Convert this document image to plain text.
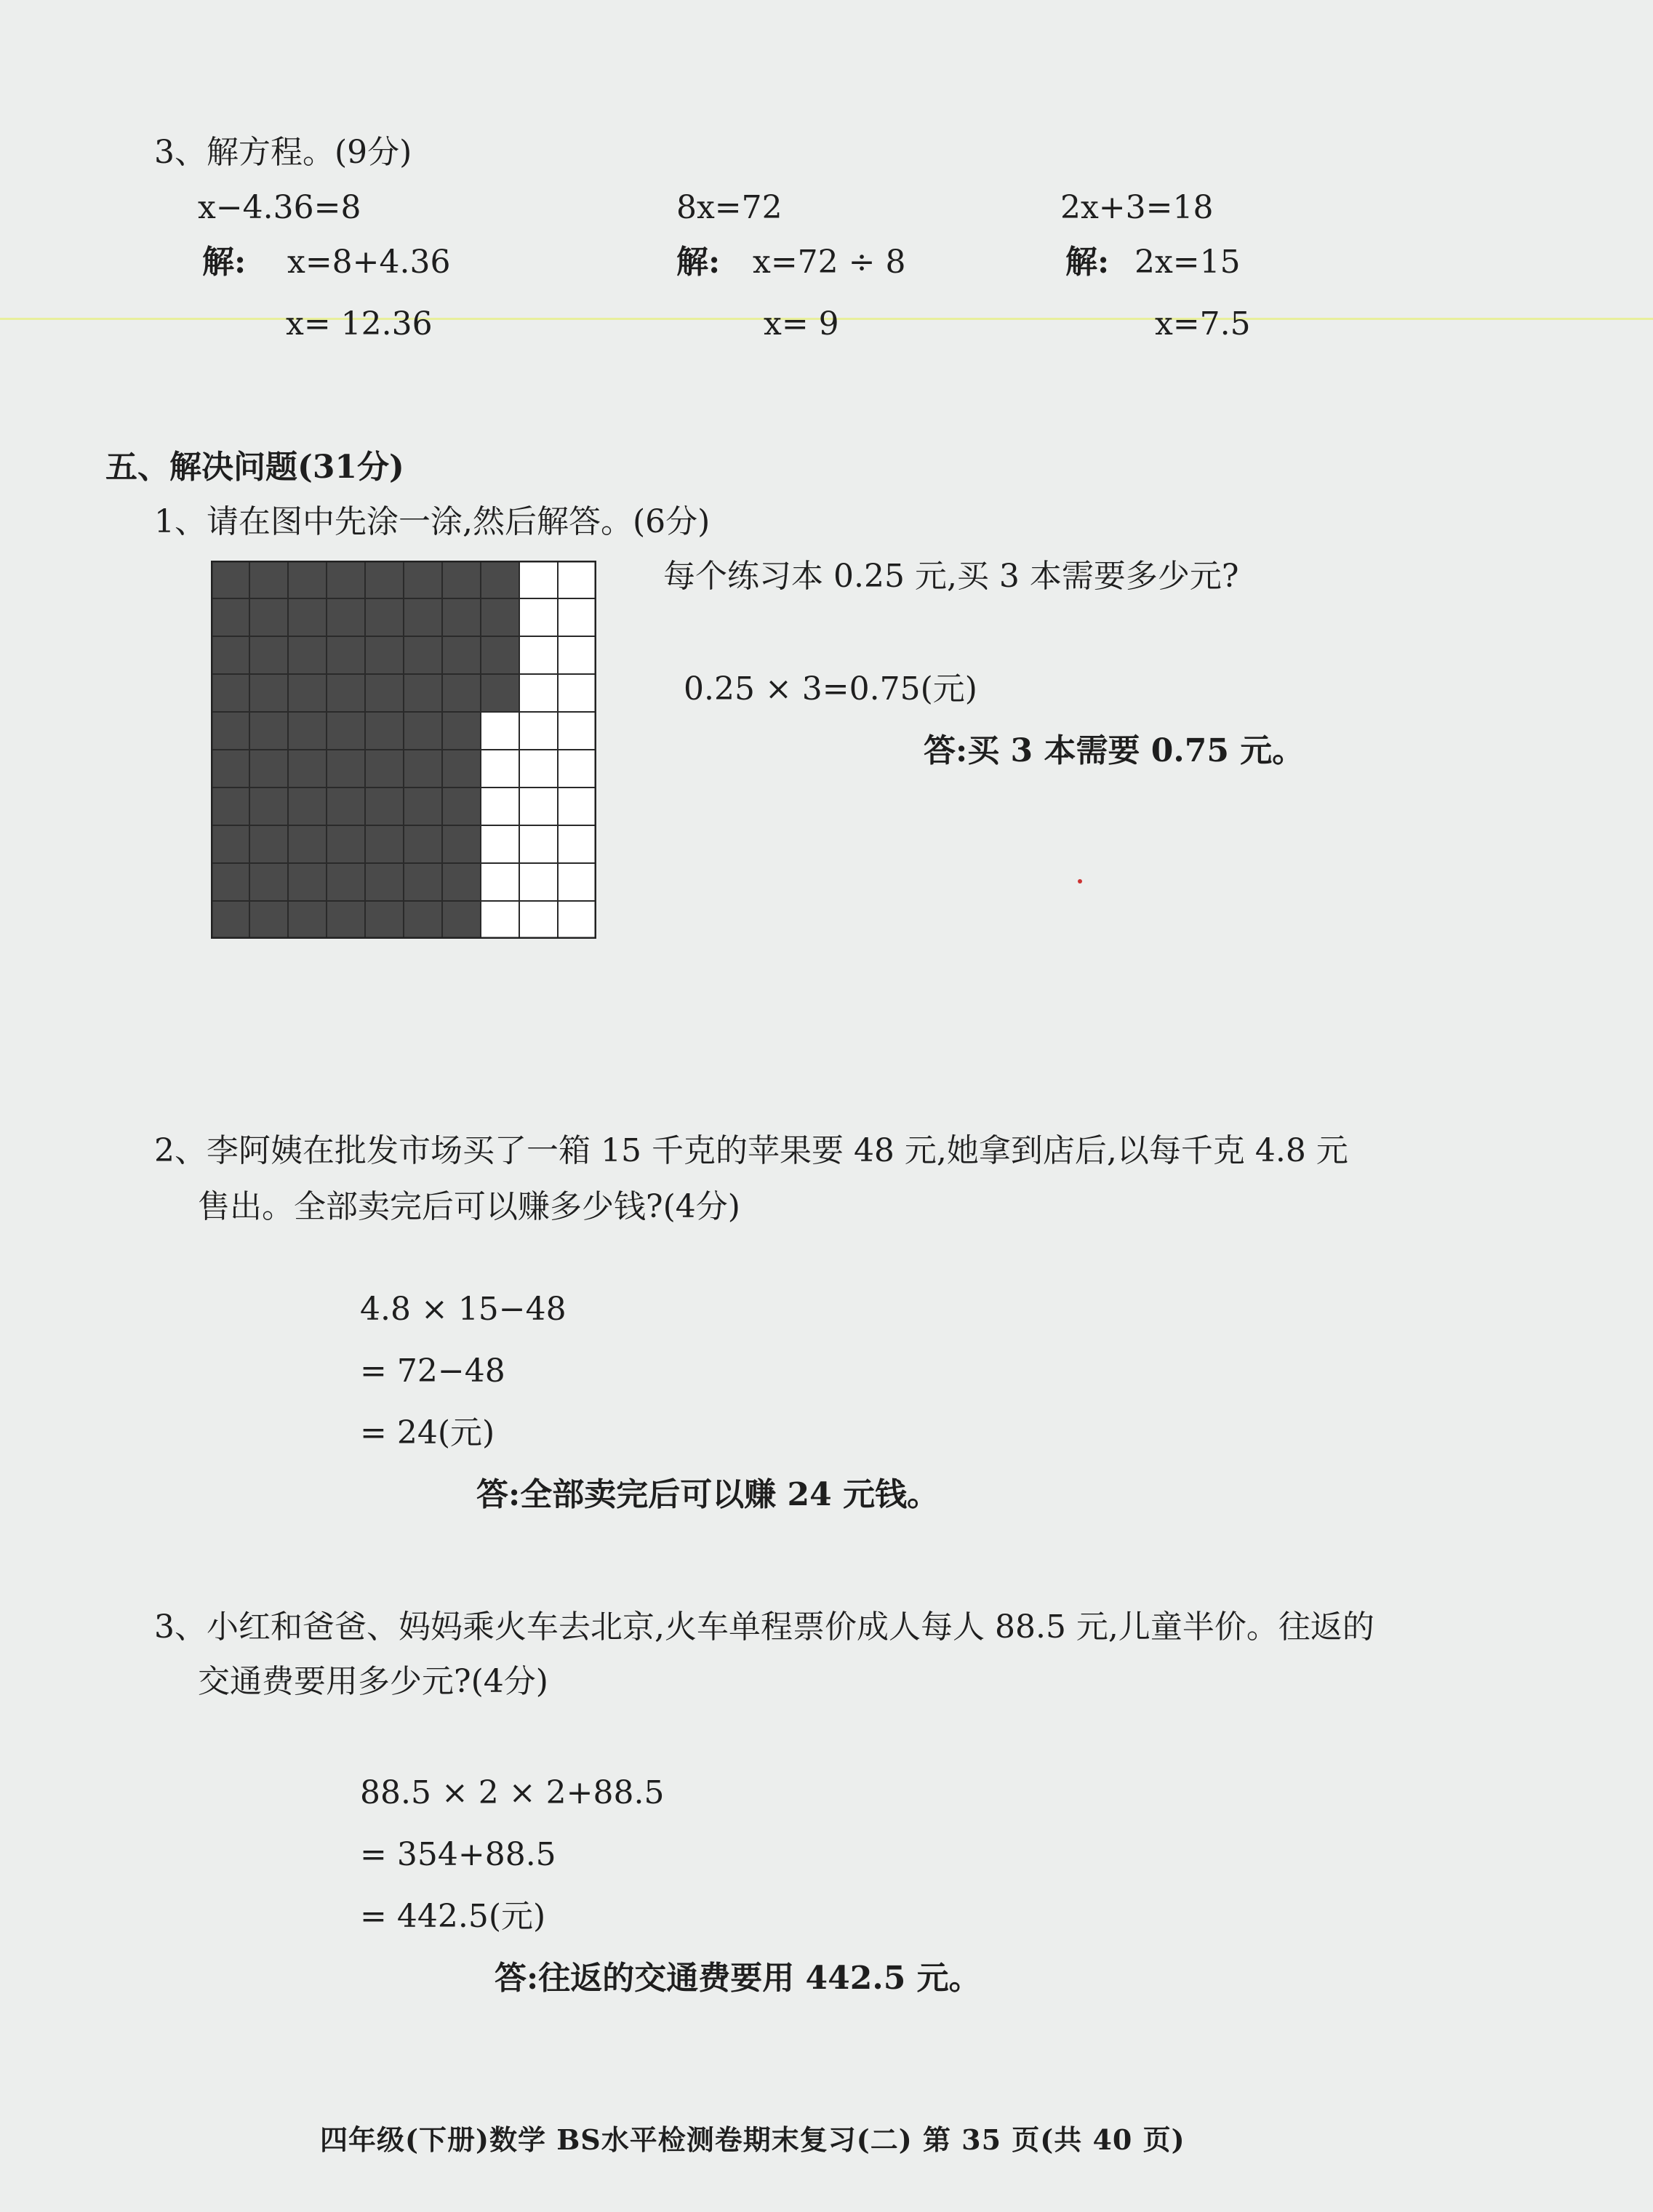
3、解方程。(9分)
x−4.36=8
解: x=8+4.36
x= 12.36
8x=72
解: x=72 ÷ 8
x= 9
2x+3=18
解: 2x=15
x=7.5
五、解决问题(31分)
1、请在图中先涂一涂,然后解答。(6分)
每个练习本 0.25 元,买 3 本需要多少元?
0.25 × 3=0.75(元)
答:买 3 本需要 0.75 元。
2、李阿姨在批发市场买了一箱 15 千克的苹果要 48 元,她拿到店后,以每千克 4.8 元
售出。全部卖完后可以赚多少钱?(4分)
4.8 × 15−48
= 72−48
= 24(元)
答:全部卖完后可以赚 24 元钱。
3、小红和爸爸、妈妈乘火车去北京,火车单程票价成人每人 88.5 元,儿童半价。往返的
交通费要用多少元?(4分)
88.5 × 2 × 2+88.5
= 354+88.5
= 442.5(元)
答:往返的交通费要用 442.5 元。
四年级(下册)数学 BS水平检测卷期末复习(二) 第 35 页(共 40 页)
